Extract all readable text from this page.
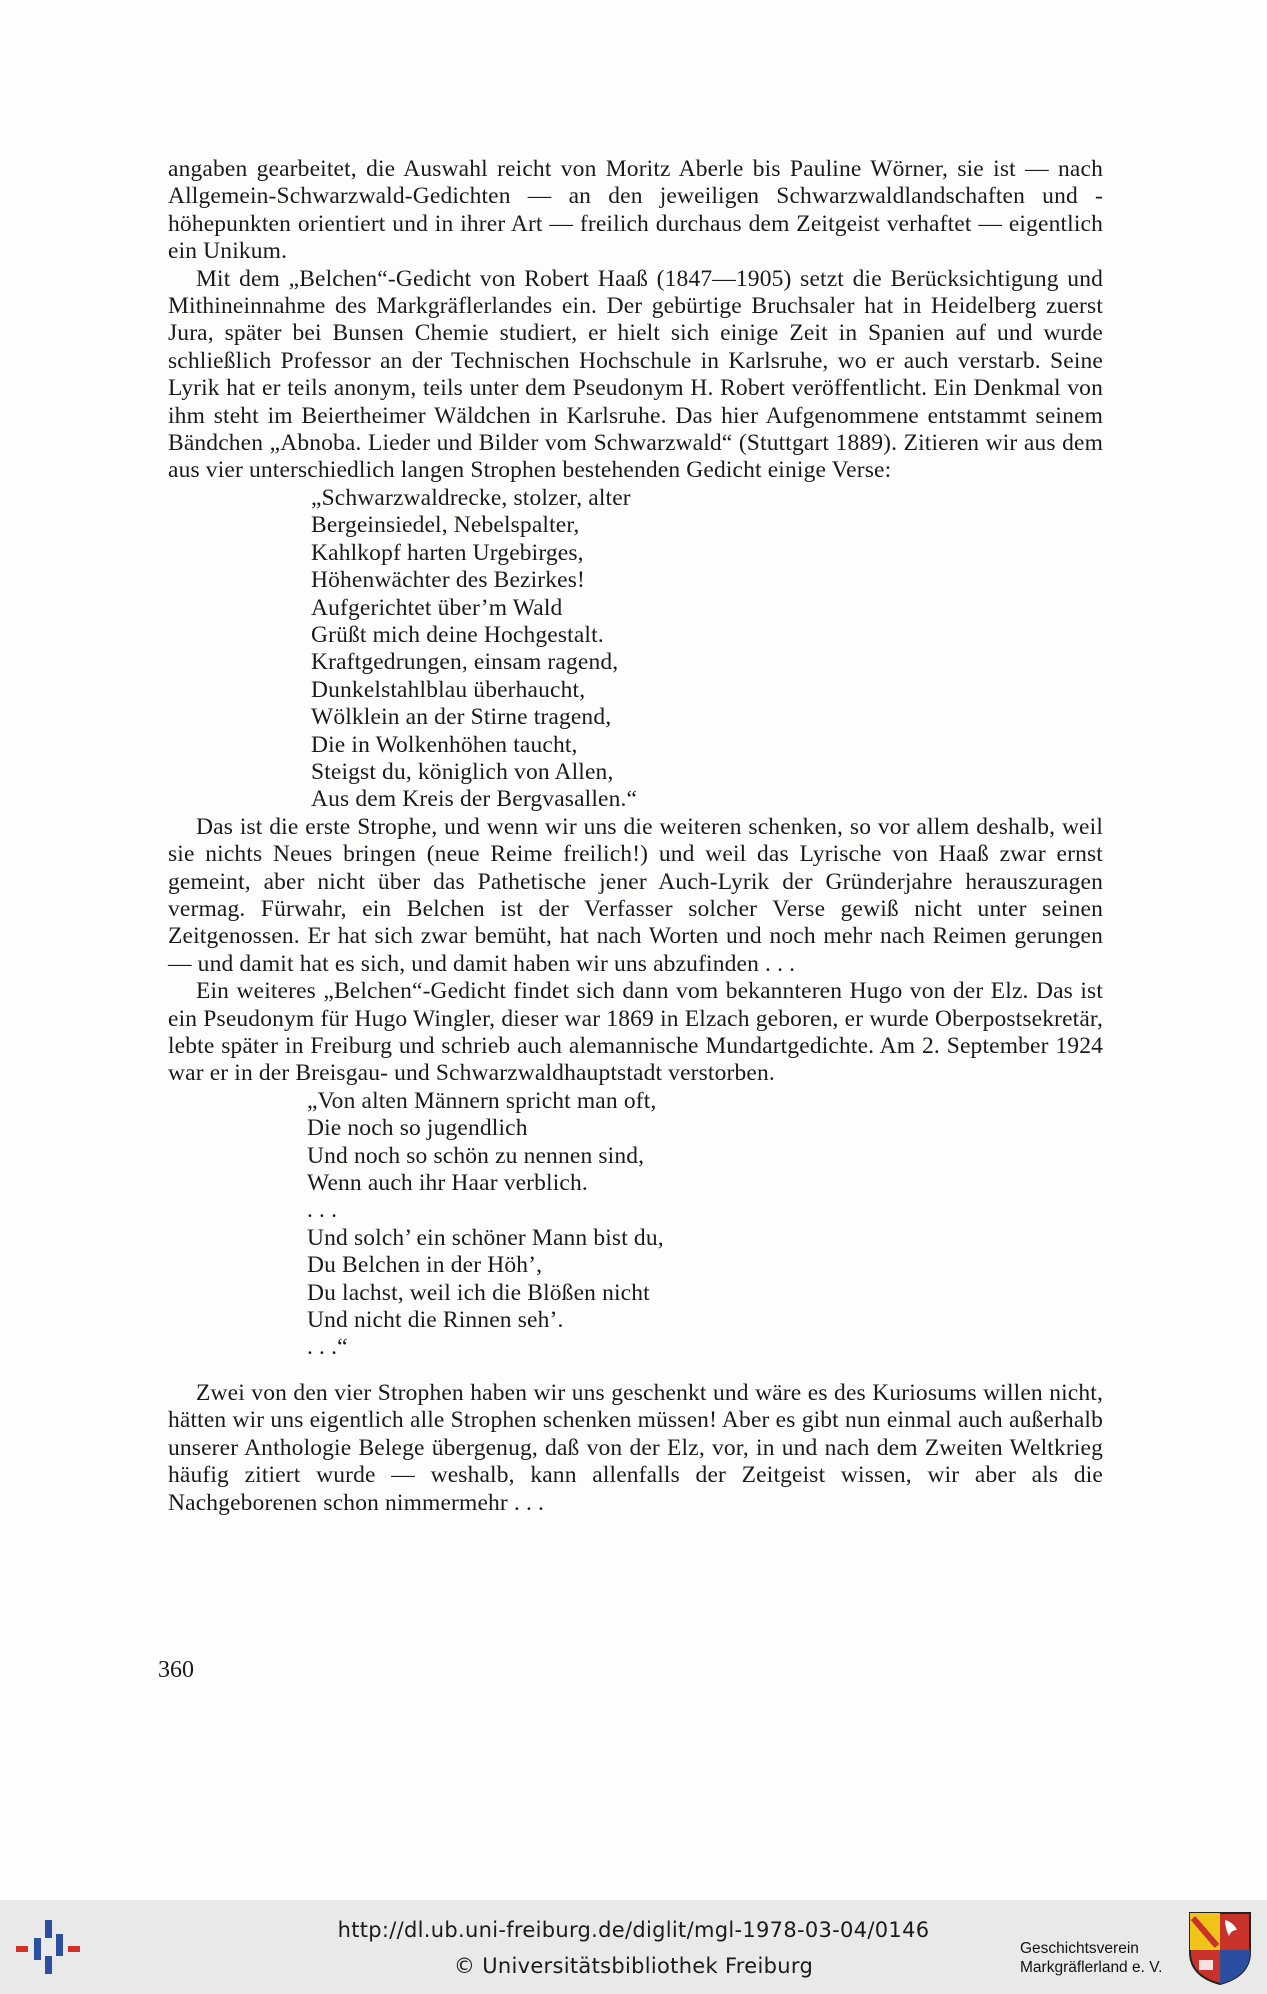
angaben gearbeitet, die Auswahl reicht von Moritz Aberle bis Pauline Wörner, sie ist — nach Allgemein-Schwarzwald-Gedichten — an den jeweiligen Schwarzwaldlandschaften und -höhepunkten orientiert und in ihrer Art — freilich durchaus dem Zeitgeist verhaftet — eigentlich ein Unikum.

Mit dem „Belchen“-Gedicht von Robert Haaß (1847—1905) setzt die Berücksichtigung und Mithineinnahme des Markgräflerlandes ein. Der gebürtige Bruchsaler hat in Heidelberg zuerst Jura, später bei Bunsen Chemie studiert, er hielt sich einige Zeit in Spanien auf und wurde schließlich Professor an der Technischen Hochschule in Karlsruhe, wo er auch verstarb. Seine Lyrik hat er teils anonym, teils unter dem Pseudonym H. Robert veröffentlicht. Ein Denkmal von ihm steht im Beiertheimer Wäldchen in Karlsruhe. Das hier Aufgenommene entstammt seinem Bändchen „Abnoba. Lieder und Bilder vom Schwarzwald“ (Stuttgart 1889). Zitieren wir aus dem aus vier unterschiedlich langen Strophen bestehenden Gedicht einige Verse:

„Schwarzwaldrecke, stolzer, alter
Bergeinsiedel, Nebelspalter,
Kahlkopf harten Urgebirges,
Höhenwächter des Bezirkes!
Aufgerichtet über’m Wald
Grüßt mich deine Hochgestalt.
Kraftgedrungen, einsam ragend,
Dunkelstahlblau überhaucht,
Wölklein an der Stirne tragend,
Die in Wolkenhöhen taucht,
Steigst du, königlich von Allen,
Aus dem Kreis der Bergvasallen.“

Das ist die erste Strophe, und wenn wir uns die weiteren schenken, so vor allem deshalb, weil sie nichts Neues bringen (neue Reime freilich!) und weil das Lyrische von Haaß zwar ernst gemeint, aber nicht über das Pathetische jener Auch-Lyrik der Gründerjahre herauszuragen vermag. Fürwahr, ein Belchen ist der Verfasser solcher Verse gewiß nicht unter seinen Zeitgenossen. Er hat sich zwar bemüht, hat nach Worten und noch mehr nach Reimen gerungen — und damit hat es sich, und damit haben wir uns abzufinden . . .

Ein weiteres „Belchen“-Gedicht findet sich dann vom bekannteren Hugo von der Elz. Das ist ein Pseudonym für Hugo Wingler, dieser war 1869 in Elzach geboren, er wurde Oberpostsekretär, lebte später in Freiburg und schrieb auch alemannische Mundartgedichte. Am 2. September 1924 war er in der Breisgau- und Schwarzwaldhauptstadt verstorben.

„Von alten Männern spricht man oft,
Die noch so jugendlich
Und noch so schön zu nennen sind,
Wenn auch ihr Haar verblich.
. . .
Und solch’ ein schöner Mann bist du,
Du Belchen in der Höh’,
Du lachst, weil ich die Blößen nicht
Und nicht die Rinnen seh’.
. . .“

Zwei von den vier Strophen haben wir uns geschenkt und wäre es des Kuriosums willen nicht, hätten wir uns eigentlich alle Strophen schenken müssen! Aber es gibt nun einmal auch außerhalb unserer Anthologie Belege übergenug, daß von der Elz, vor, in und nach dem Zweiten Weltkrieg häufig zitiert wurde — weshalb, kann allenfalls der Zeitgeist wissen, wir aber als die Nachgeborenen schon nimmermehr . . .

360
http://dl.ub.uni-freiburg.de/diglit/mgl-1978-03-04/0146
© Universitätsbibliothek Freiburg
Geschichtsverein
Markgräflerland e. V.
